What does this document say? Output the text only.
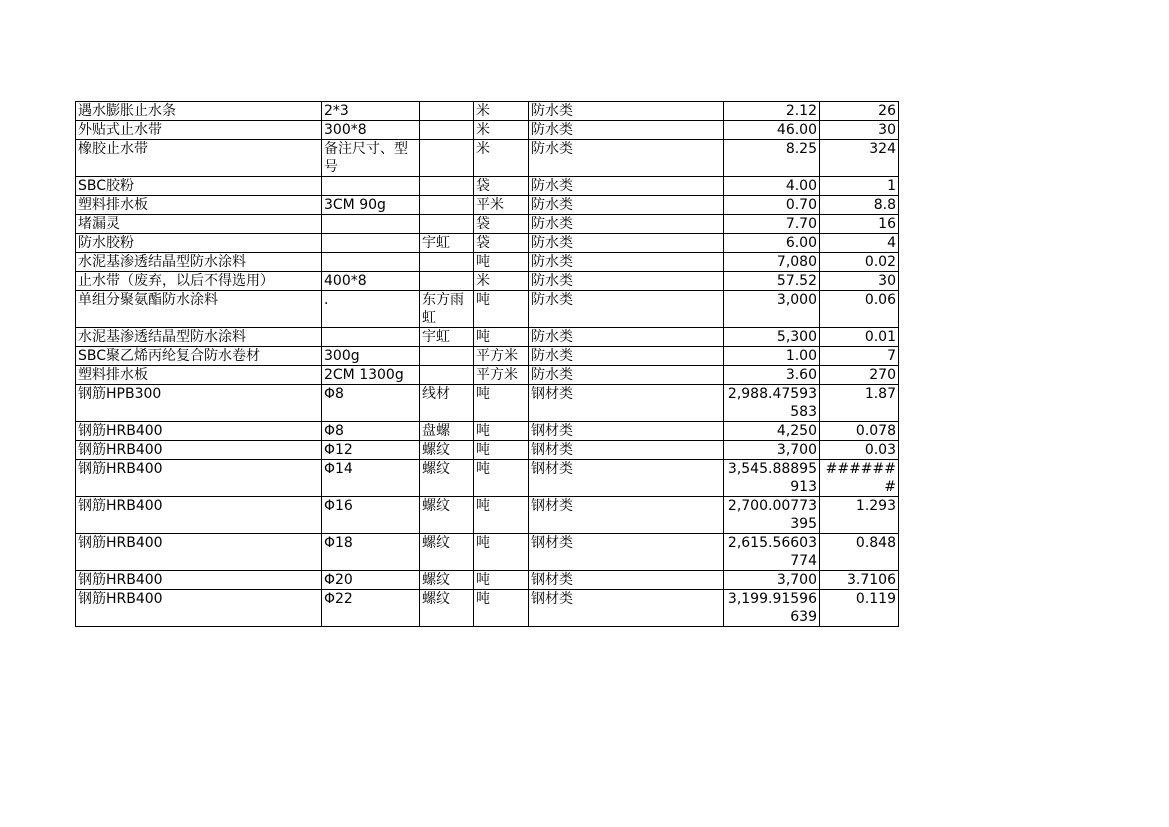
遇水膨胀止水条	2*3		米	防水类	2.12	26
外贴式止水带	300*8		米	防水类	46.00	30
橡胶止水带	备注尺寸、型号		米	防水类	8.25	324
SBC胶粉			袋	防水类	4.00	1
塑料排水板	3CM 90g		平米	防水类	0.70	8.8
堵漏灵			袋	防水类	7.70	16
防水胶粉		宇虹	袋	防水类	6.00	4
水泥基渗透结晶型防水涂料			吨	防水类	7,080	0.02
止水带（废弃，以后不得选用）	400*8		米	防水类	57.52	30
单组分聚氨酯防水涂料	.	东方雨虹	吨	防水类	3,000	0.06
水泥基渗透结晶型防水涂料		宇虹	吨	防水类	5,300	0.01
SBC聚乙烯丙纶复合防水卷材	300g		平方米	防水类	1.00	7
塑料排水板	2CM 1300g		平方米	防水类	3.60	270
钢筋HPB300	Φ8	线材	吨	钢材类	2,988.47593583	1.87
钢筋HRB400	Φ8	盘螺	吨	钢材类	4,250	0.078
钢筋HRB400	Φ12	螺纹	吨	钢材类	3,700	0.03
钢筋HRB400	Φ14	螺纹	吨	钢材类	3,545.88895913	#######
钢筋HRB400	Φ16	螺纹	吨	钢材类	2,700.00773395	1.293
钢筋HRB400	Φ18	螺纹	吨	钢材类	2,615.56603774	0.848
钢筋HRB400	Φ20	螺纹	吨	钢材类	3,700	3.7106
钢筋HRB400	Φ22	螺纹	吨	钢材类	3,199.91596639	0.119
